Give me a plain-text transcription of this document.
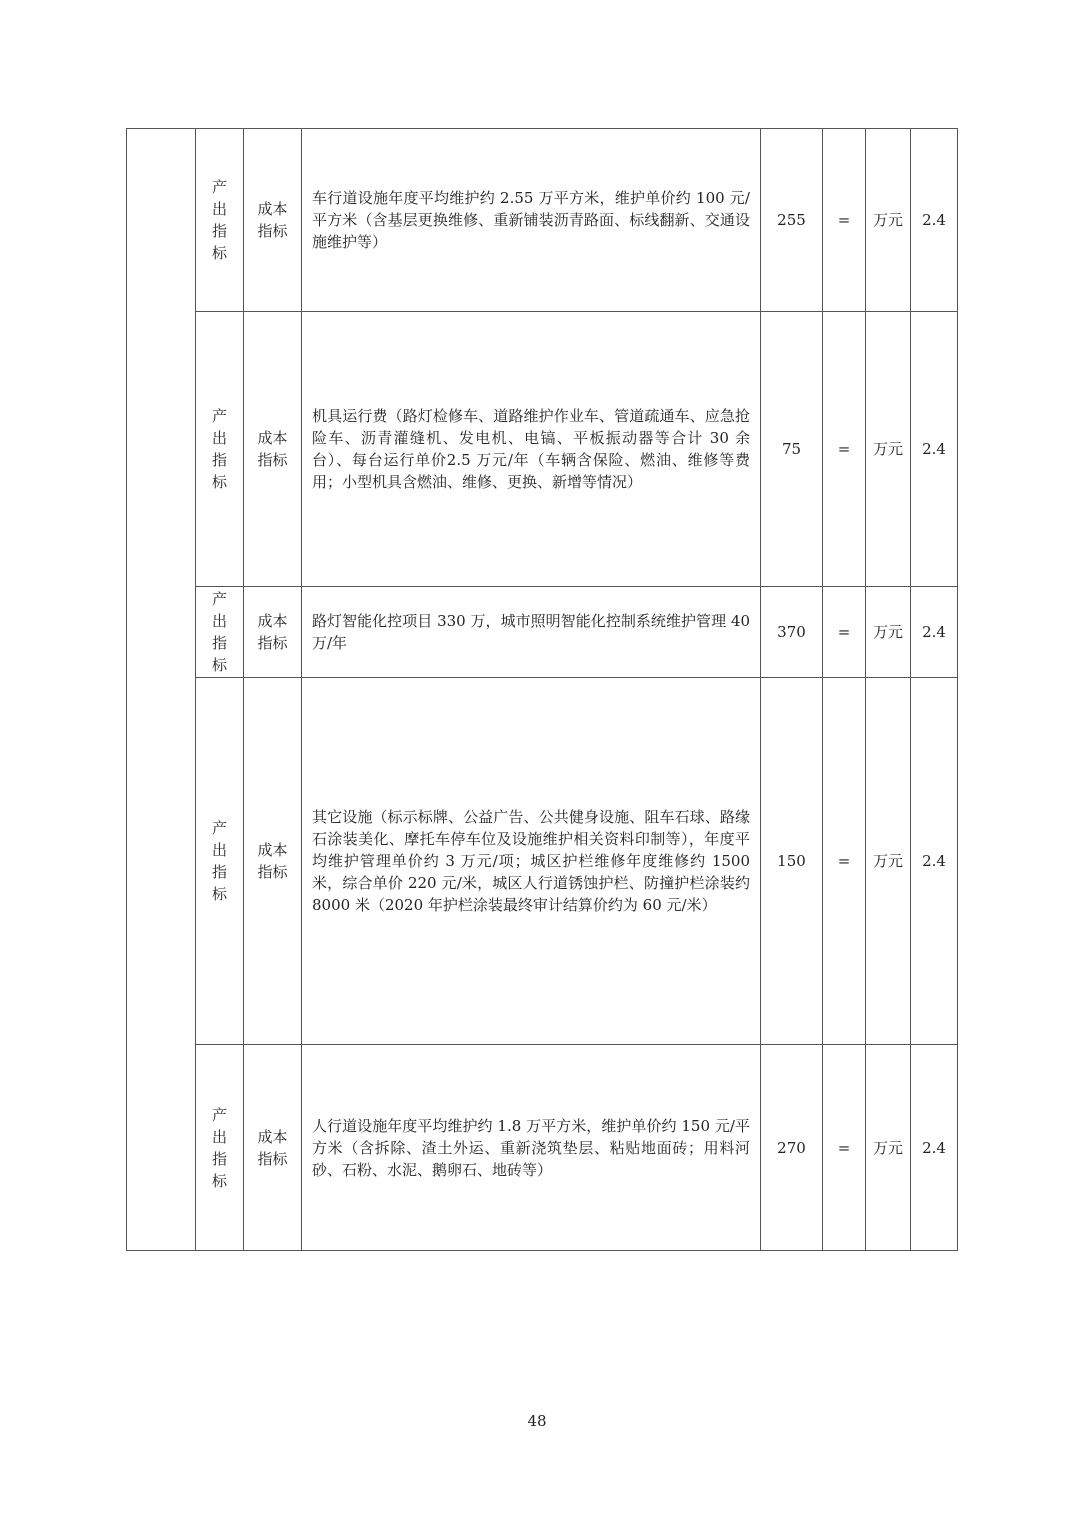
	产出指标	成本指标	车行道设施年度平均维护约 2.55 万平方米，维护单价约 100 元/平方米（含基层更换维修、重新铺装沥青路面、标线翻新、交通设施维护等）	255	=	万元	2.4
	产出指标	成本指标	机具运行费（路灯检修车、道路维护作业车、管道疏通车、应急抢险车、沥青灌缝机、发电机、电镐、平板振动器等合计 30 余台）、每台运行单价2.5 万元/年（车辆含保险、燃油、维修等费用；小型机具含燃油、维修、更换、新增等情况）	75	=	万元	2.4
	产出指标	成本指标	路灯智能化控项目 330 万，城市照明智能化控制系统维护管理 40 万/年	370	=	万元	2.4
	产出指标	成本指标	其它设施（标示标牌、公益广告、公共健身设施、阻车石球、路缘石涂装美化、摩托车停车位及设施维护相关资料印制等），年度平均维护管理单价约 3 万元/项；城区护栏维修年度维修约 1500 米，综合单价 220 元/米，城区人行道锈蚀护栏、防撞护栏涂装约8000 米（2020 年护栏涂装最终审计结算价约为 60 元/米）	150	=	万元	2.4
	产出指标	成本指标	人行道设施年度平均维护约 1.8 万平方米，维护单价约 150 元/平方米（含拆除、渣土外运、重新浇筑垫层、粘贴地面砖；用料河砂、石粉、水泥、鹅卵石、地砖等）	270	=	万元	2.4
48
